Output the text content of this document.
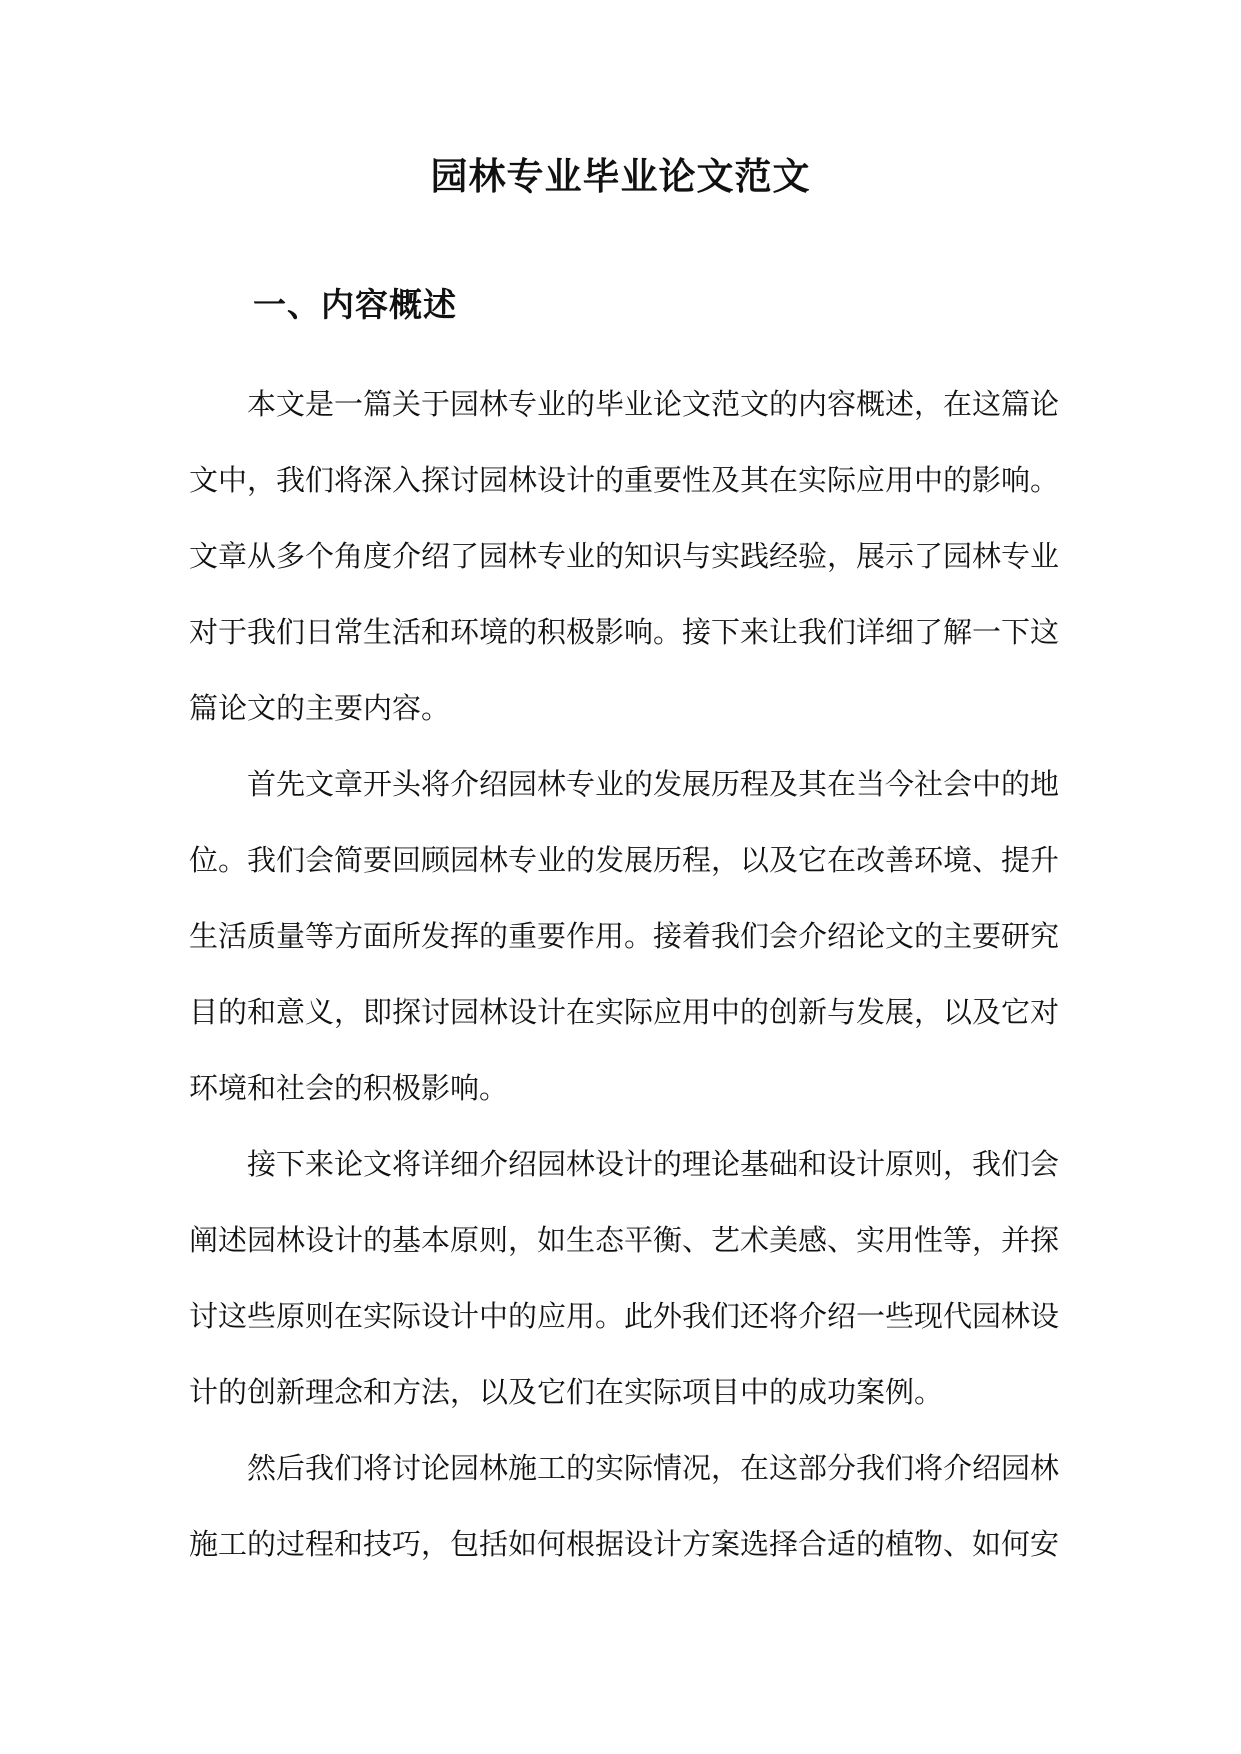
园林专业毕业论文范文
一、内容概述

本文是一篇关于园林专业的毕业论文范文的内容概述，在这篇论文中，我们将深入探讨园林设计的重要性及其在实际应用中的影响。文章从多个角度介绍了园林专业的知识与实践经验，展示了园林专业对于我们日常生活和环境的积极影响。接下来让我们详细了解一下这篇论文的主要内容。

首先文章开头将介绍园林专业的发展历程及其在当今社会中的地位。我们会简要回顾园林专业的发展历程，以及它在改善环境、提升生活质量等方面所发挥的重要作用。接着我们会介绍论文的主要研究目的和意义，即探讨园林设计在实际应用中的创新与发展，以及它对环境和社会的积极影响。

接下来论文将详细介绍园林设计的理论基础和设计原则，我们会阐述园林设计的基本原则，如生态平衡、艺术美感、实用性等，并探讨这些原则在实际设计中的应用。此外我们还将介绍一些现代园林设计的创新理念和方法，以及它们在实际项目中的成功案例。

然后我们将讨论园林施工的实际情况，在这部分我们将介绍园林施工的过程和技巧，包括如何根据设计方案选择合适的植物、如何安
